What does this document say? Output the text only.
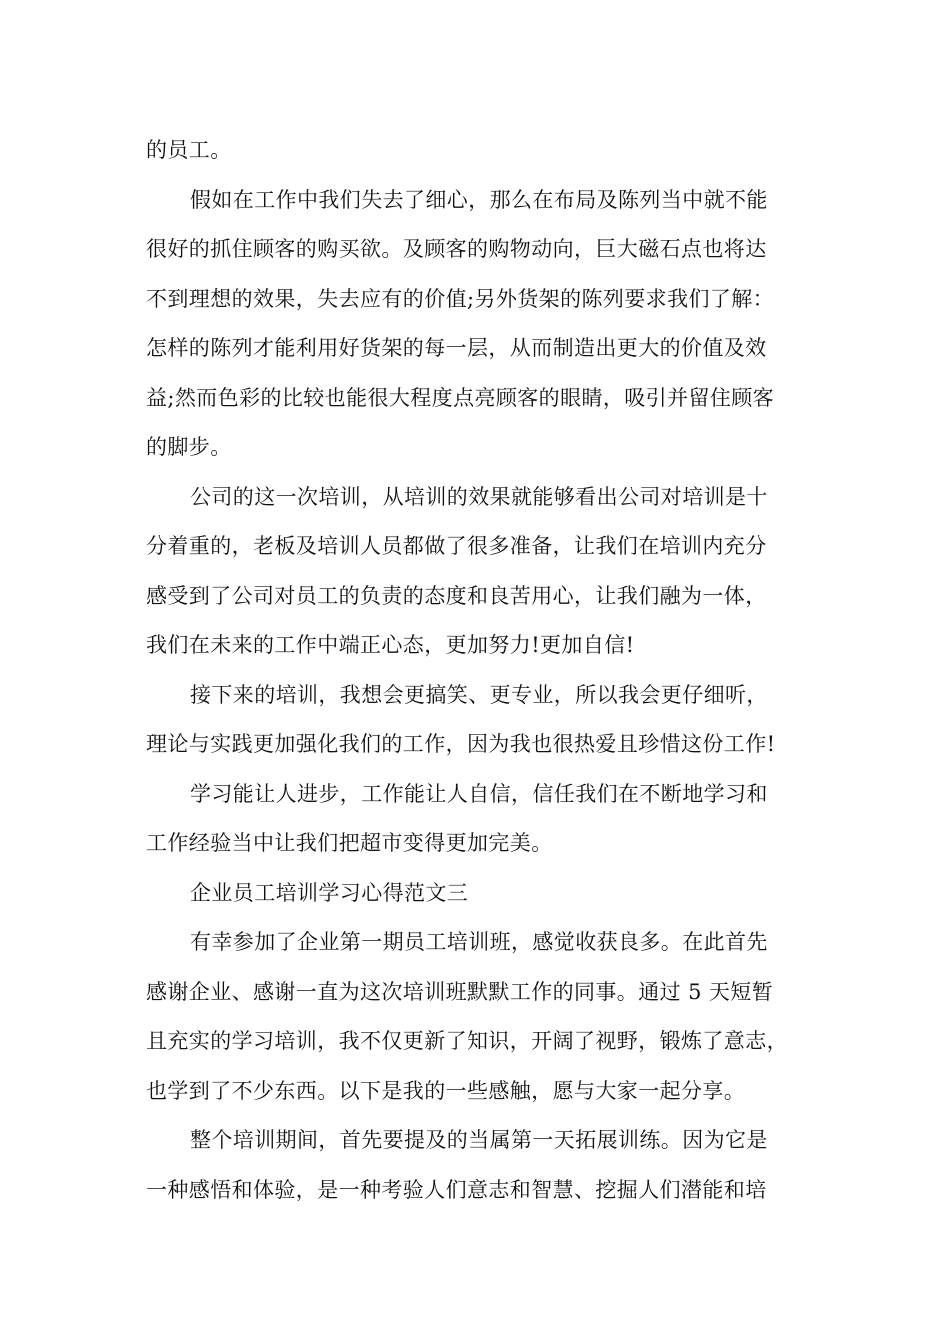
的员工。
假如在工作中我们失去了细心，那么在布局及陈列当中就不能
很好的抓住顾客的购买欲。及顾客的购物动向，巨大磁石点也将达
不到理想的效果，失去应有的价值;另外货架的陈列要求我们了解：
怎样的陈列才能利用好货架的每一层，从而制造出更大的价值及效
益;然而色彩的比较也能很大程度点亮顾客的眼睛，吸引并留住顾客
的脚步。
公司的这一次培训，从培训的效果就能够看出公司对培训是十
分着重的，老板及培训人员都做了很多准备，让我们在培训内充分
感受到了公司对员工的负责的态度和良苦用心，让我们融为一体，
我们在未来的工作中端正心态，更加努力!更加自信!
接下来的培训，我想会更搞笑、更专业，所以我会更仔细听，
理论与实践更加强化我们的工作，因为我也很热爱且珍惜这份工作!
学习能让人进步，工作能让人自信，信任我们在不断地学习和
工作经验当中让我们把超市变得更加完美。
企业员工培训学习心得范文三
有幸参加了企业第一期员工培训班，感觉收获良多。在此首先
感谢企业、感谢一直为这次培训班默默工作的同事。通过 5 天短暂
且充实的学习培训，我不仅更新了知识，开阔了视野，锻炼了意志，
也学到了不少东西。以下是我的一些感触，愿与大家一起分享。
整个培训期间，首先要提及的当属第一天拓展训练。因为它是
一种感悟和体验，是一种考验人们意志和智慧、挖掘人们潜能和培
